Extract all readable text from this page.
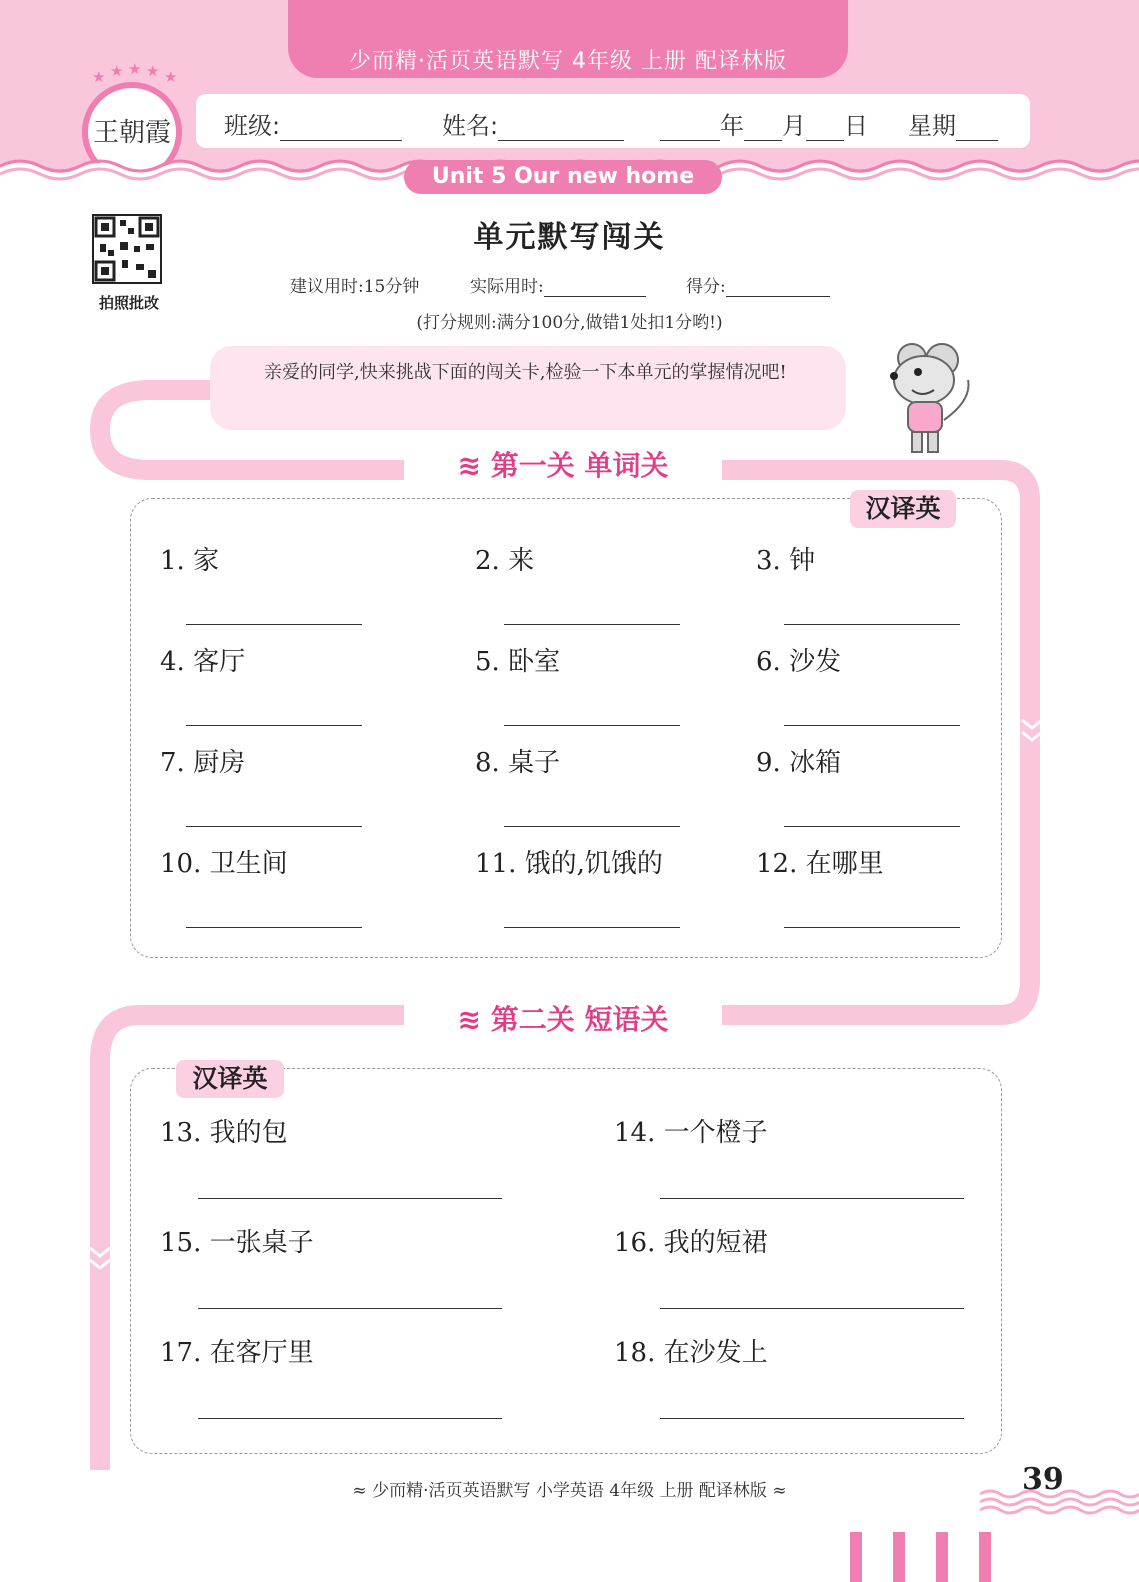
少而精·活页英语默写 4年级 上册 配译林版
班级:	姓名:	年 月 日 星期
★ ★ ★ ★ ★
王朝霞
Unit 5 Our new home
拍照批改
单元默写闯关
建议用时:15分钟	实际用时:	得分:
(打分规则:满分100分,做错1处扣1分哟!)
亲爱的同学,快来挑战下面的闯关卡,检验一下本单元的掌握情况吧!
≋ 第一关 单词关
汉译英
1. 家	2. 来	3. 钟
4. 客厅	5. 卧室	6. 沙发
7. 厨房	8. 桌子	9. 冰箱
10. 卫生间	11. 饿的,饥饿的	12. 在哪里
≋ 第二关 短语关
汉译英
13. 我的包	14. 一个橙子
15. 一张桌子	16. 我的短裙
17. 在客厅里	18. 在沙发上
≈ 少而精·活页英语默写 小学英语 4年级 上册 配译林版 ≈	39
